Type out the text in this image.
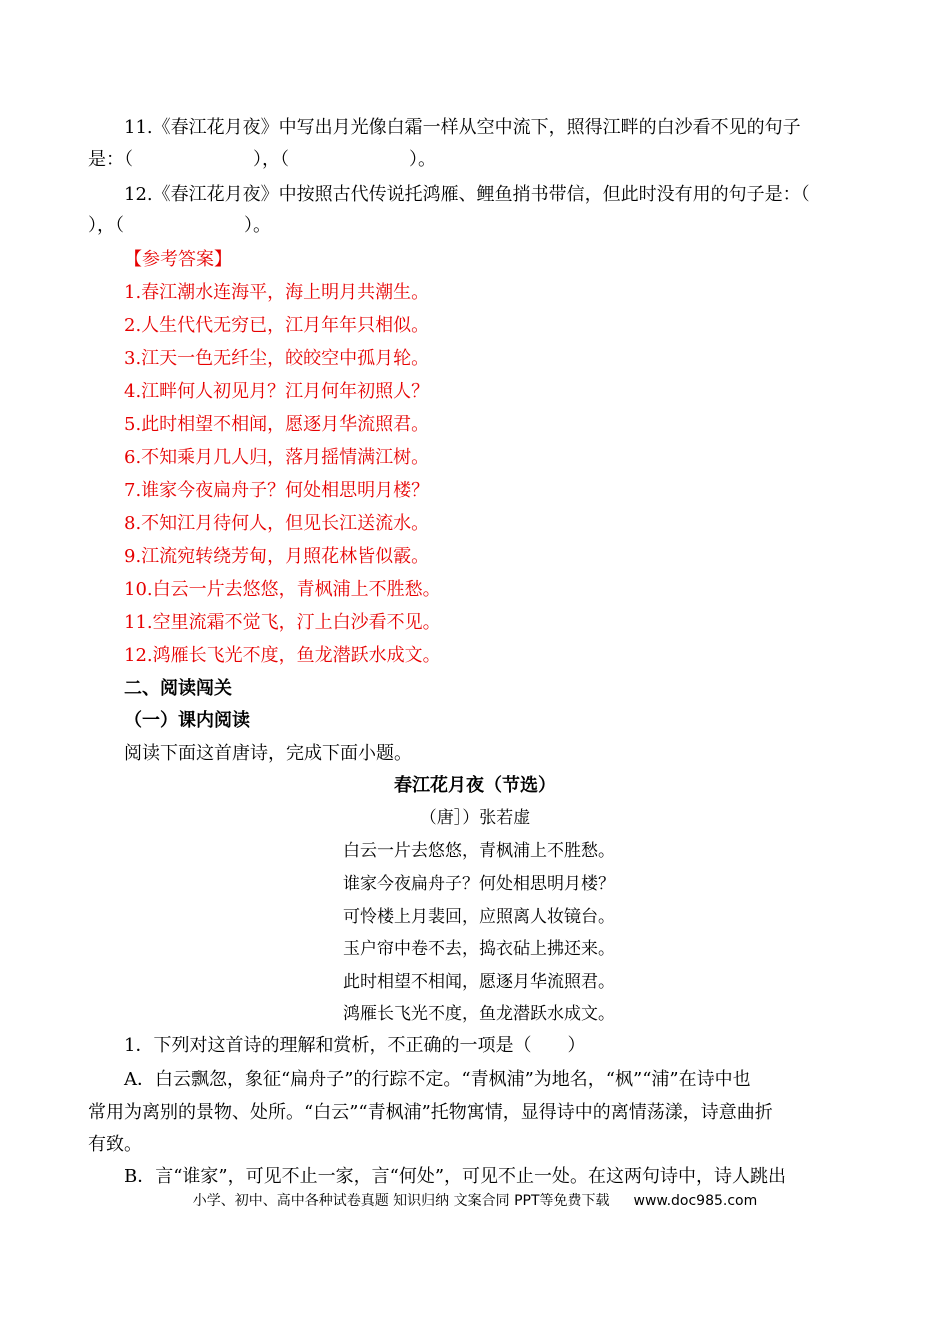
11.《春江花月夜》中写出月光像白霜一样从空中流下，照得江畔的白沙看不见的句子
是：（	），（	）。
12.《春江花月夜》中按照古代传说托鸿雁、鲤鱼捎书带信，但此时没有用的句子是：（
），（	）。
【参考答案】
1.春江潮水连海平，海上明月共潮生。
2.人生代代无穷已，江月年年只相似。
3.江天一色无纤尘，皎皎空中孤月轮。
4.江畔何人初见月？江月何年初照人？
5.此时相望不相闻，愿逐月华流照君。
6.不知乘月几人归，落月摇情满江树。
7.谁家今夜扁舟子？何处相思明月楼？
8.不知江月待何人，但见长江送流水。
9.江流宛转绕芳甸，月照花林皆似霰。
10.白云一片去悠悠，青枫浦上不胜愁。
11.空里流霜不觉飞，汀上白沙看不见。
12.鸿雁长飞光不度，鱼龙潜跃水成文。
二、阅读闯关
（一）课内阅读
阅读下面这首唐诗，完成下面小题。
春江花月夜（节选）
（唐］）张若虚
白云一片去悠悠，青枫浦上不胜愁。
谁家今夜扁舟子？何处相思明月楼？
可怜楼上月裴回，应照离人妆镜台。
玉户帘中卷不去，捣衣砧上拂还来。
此时相望不相闻，愿逐月华流照君。
鸿雁长飞光不度，鱼龙潜跃水成文。
1．下列对这首诗的理解和赏析，不正确的一项是（　　）
A．白云飘忽，象征“扁舟子”的行踪不定。“青枫浦”为地名，“枫”“浦”在诗中也
常用为离别的景物、处所。“白云”“青枫浦”托物寓情，显得诗中的离情荡漾，诗意曲折
有致。
B．言“谁家”，可见不止一家，言“何处”，可见不止一处。在这两句诗中，诗人跳出
小学、初中、高中各种试卷真题 知识归纳 文案合同 PPT等免费下载 www.doc985.com
